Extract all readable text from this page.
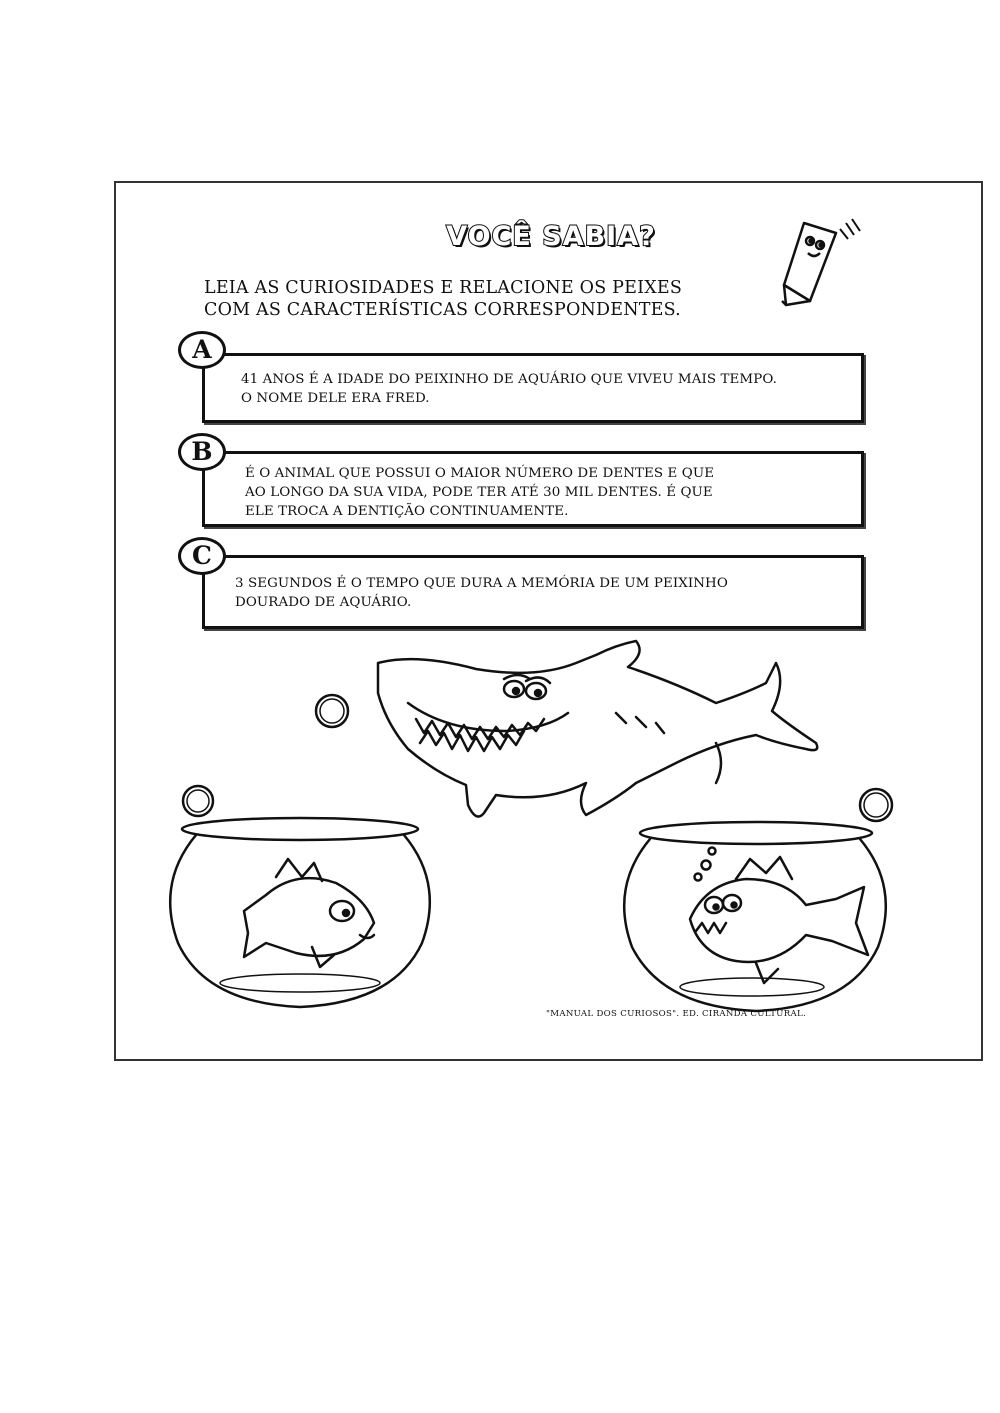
VOCÊ SABIA?
LEIA AS CURIOSIDADES E RELACIONE OS PEIXES
COM AS CARACTERÍSTICAS CORRESPONDENTES.
41 ANOS É A IDADE DO PEIXINHO DE AQUÁRIO QUE VIVEU MAIS TEMPO.
O NOME DELE ERA FRED.
A
É O ANIMAL QUE POSSUI O MAIOR NÚMERO DE DENTES E QUE
AO LONGO DA SUA VIDA, PODE TER ATÉ 30 MIL DENTES. É QUE
ELE TROCA A DENTIÇÃO CONTINUAMENTE.
B
3 SEGUNDOS É O TEMPO QUE DURA A MEMÓRIA DE UM PEIXINHO
DOURADO DE AQUÁRIO.
C
"MANUAL DOS CURIOSOS". ED. CIRANDA CULTURAL.
